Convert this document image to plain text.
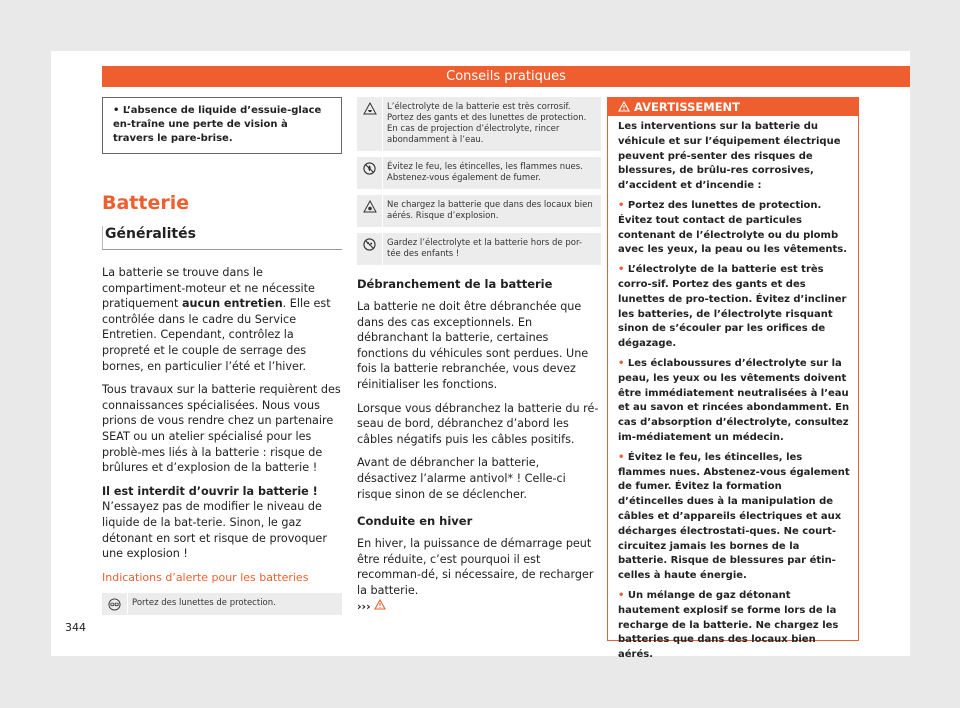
Conseils pratiques
• L’absence de liquide d’essuie-glace en-traîne une perte de vision à travers le pare-brise.
Batterie
Généralités

La batterie se trouve dans le compartiment-moteur et ne nécessite pratiquement aucun entretien. Elle est contrôlée dans le cadre du Service Entretien. Cependant, contrôlez la propreté et le couple de serrage des bornes, en particulier l’été et l’hiver.

Tous travaux sur la batterie requièrent des connaissances spécialisées. Nous vous prions de vous rendre chez un partenaire SEAT ou un atelier spécialisé pour les problè-mes liés à la batterie : risque de brûlures et d’explosion de la batterie !

Il est interdit d’ouvrir la batterie ! N’essayez pas de modifier le niveau de liquide de la bat-terie. Sinon, le gaz détonant en sort et risque de provoquer une explosion !

Indications d’alerte pour les batteries
Portez des lunettes de protection.
L’électrolyte de la batterie est très corrosif. Portez des gants et des lunettes de protection. En cas de projection d’électrolyte, rincer abondamment à l’eau.
Évitez le feu, les étincelles, les flammes nues. Abstenez-vous également de fumer.
Ne chargez la batterie que dans des locaux bien aérés. Risque d’explosion.
Gardez l’électrolyte et la batterie hors de por-tée des enfants !
Débranchement de la batterie

La batterie ne doit être débranchée que dans des cas exceptionnels. En débranchant la batterie, certaines fonctions du véhicules sont perdues. Une fois la batterie rebranchée, vous devez réinitialiser les fonctions.

Lorsque vous débranchez la batterie du ré-seau de bord, débranchez d’abord les câbles négatifs puis les câbles positifs.

Avant de débrancher la batterie, désactivez l’alarme antivol* ! Celle-ci risque sinon de se déclencher.

Conduite en hiver

En hiver, la puissance de démarrage peut être réduite, c’est pourquoi il est recomman-dé, si nécessaire, de recharger la batterie.
›››

AVERTISSEMENT

Les interventions sur la batterie du véhicule et sur l’équipement électrique peuvent pré-senter des risques de blessures, de brûlu-res corrosives, d’accident et d’incendie :

• Portez des lunettes de protection. Évitez tout contact de particules contenant de l’électrolyte ou du plomb avec les yeux, la peau ou les vêtements.

• L’électrolyte de la batterie est très corro-sif. Portez des gants et des lunettes de pro-tection. Évitez d’incliner les batteries, de l’électrolyte risquant sinon de s’écouler par les orifices de dégazage.

• Les éclaboussures d’électrolyte sur la peau, les yeux ou les vêtements doivent être immédiatement neutralisées à l’eau et au savon et rincées abondamment. En cas d’absorption d’électrolyte, consultez im-médiatement un médecin.

• Évitez le feu, les étincelles, les flammes nues. Abstenez-vous également de fumer. Évitez la formation d’étincelles dues à la manipulation de câbles et d’appareils électriques et aux décharges électrostati-ques. Ne court-circuitez jamais les bornes de la batterie. Risque de blessures par étin-celles à haute énergie.

• Un mélange de gaz détonant hautement explosif se forme lors de la recharge de la batterie. Ne chargez les batteries que dans des locaux bien aérés.

344
